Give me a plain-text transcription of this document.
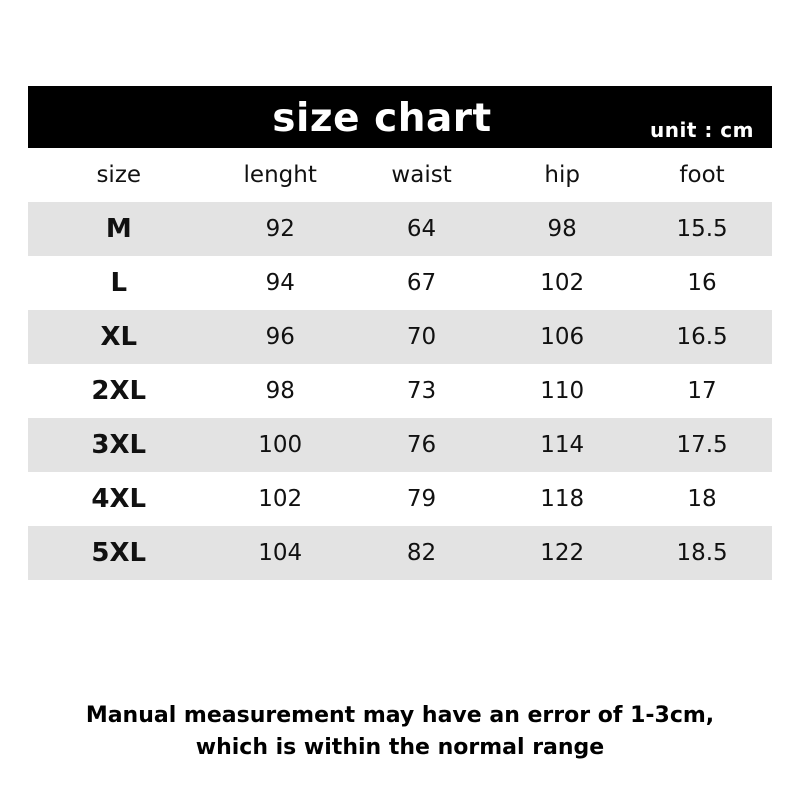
size chart	unit : cm
size	lenght	waist	hip	foot
M	92	64	98	15.5
L	94	67	102	16
XL	96	70	106	16.5
2XL	98	73	110	17
3XL	100	76	114	17.5
4XL	102	79	118	18
5XL	104	82	122	18.5
Manual measurement may have an error of 1-3cm,
which is within the normal range
